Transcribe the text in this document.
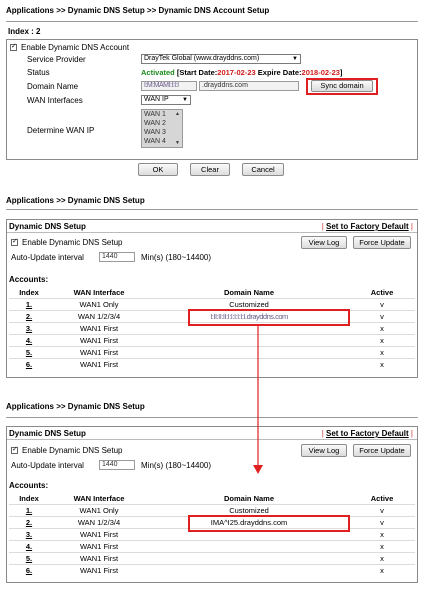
Applications >> Dynamic DNS Setup >> Dynamic DNS Account Setup
Index : 2
✓Enable Dynamic DNS Account
Service Provider	DrayTek Global (www.drayddns.com)	▼
Status	Activated [Start Date:2017-02-23 Expire Date:2018-02-23]
Domain Name	I:M:MAMI:I:I:I	.drayddns.com	Sync domain
WAN Interfaces	WAN IP ▼
Determine WAN IP
WAN 1
WAN 2
WAN 3
WAN 4
▲
▼
OK	Clear	Cancel
Applications >> Dynamic DNS Setup
Dynamic DNS Setup	| Set to Factory Default |
✓Enable Dynamic DNS Setup	View Log	Force Update
Auto-Update interval	1440	Min(s) (180~14400)
Accounts:
Index	WAN Interface	Domain Name	Active
1.	WAN1 Only	Customized	v
2.	WAN 1/2/3/4	I:II:II:II:I:I:I:I:I:I.drayddns.com	v
3.	WAN1 First		x
4.	WAN1 First		x
5.	WAN1 First		x
6.	WAN1 First		x
Applications >> Dynamic DNS Setup
Dynamic DNS Setup	| Set to Factory Default |
✓Enable Dynamic DNS Setup	View Log	Force Update
Auto-Update interval	1440	Min(s) (180~14400)
Accounts:
Index	WAN Interface	Domain Name	Active
1.	WAN1 Only	Customized	v
2.	WAN 1/2/3/4	ΙΜΑ^Ι25.drayddns.com	v
3.	WAN1 First		x
4.	WAN1 First		x
5.	WAN1 First		x
6.	WAN1 First		x
